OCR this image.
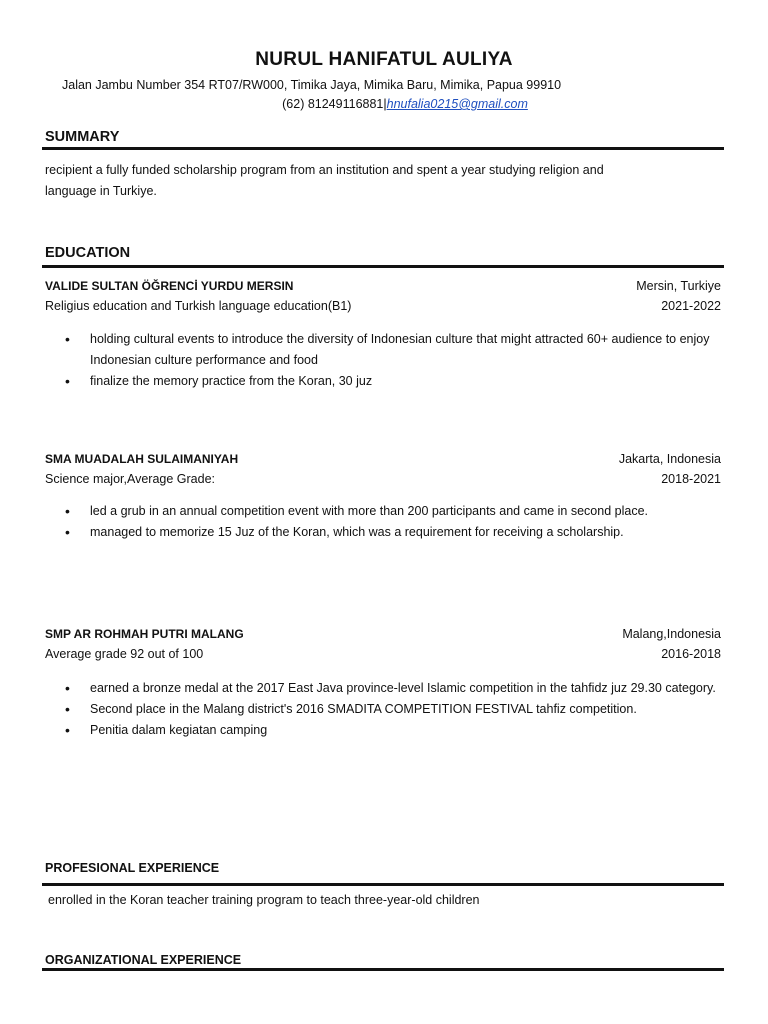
NURUL HANIFATUL AULIYA
Jalan Jambu Number 354 RT07/RW000, Timika Jaya, Mimika Baru, Mimika, Papua 99910
(62) 81249116881|hnufalia0215@gmail.com
SUMMARY
recipient a fully funded scholarship program from an institution and spent a year studying religion and
language in Turkiye.
EDUCATION
VALIDE SULTAN ÖĞRENCİ YURDU MERSIN	Mersin, Turkiye
Religius education and Turkish language education(B1)	2021-2022
• holding cultural events to introduce the diversity of Indonesian culture that might attracted 60+ audience to enjoy Indonesian culture performance and food
• finalize the memory practice from the Koran, 30 juz
SMA MUADALAH SULAIMANIYAH	Jakarta, Indonesia
Science major,Average Grade:	2018-2021
• led a grub in an annual competition event with more than 200 participants and came in second place.
• managed to memorize 15 Juz of the Koran, which was a requirement for receiving a scholarship.
SMP AR ROHMAH PUTRI MALANG	Malang,Indonesia
Average grade 92 out of 100	2016-2018
• earned a bronze medal at the 2017 East Java province-level Islamic competition in the tahfidz juz 29.30 category.
• Second place in the Malang district's 2016 SMADITA COMPETITION FESTIVAL tahfiz competition.
• Penitia dalam kegiatan camping
PROFESIONAL EXPERIENCE
enrolled in the Koran teacher training program to teach three-year-old children
ORGANIZATIONAL EXPERIENCE
